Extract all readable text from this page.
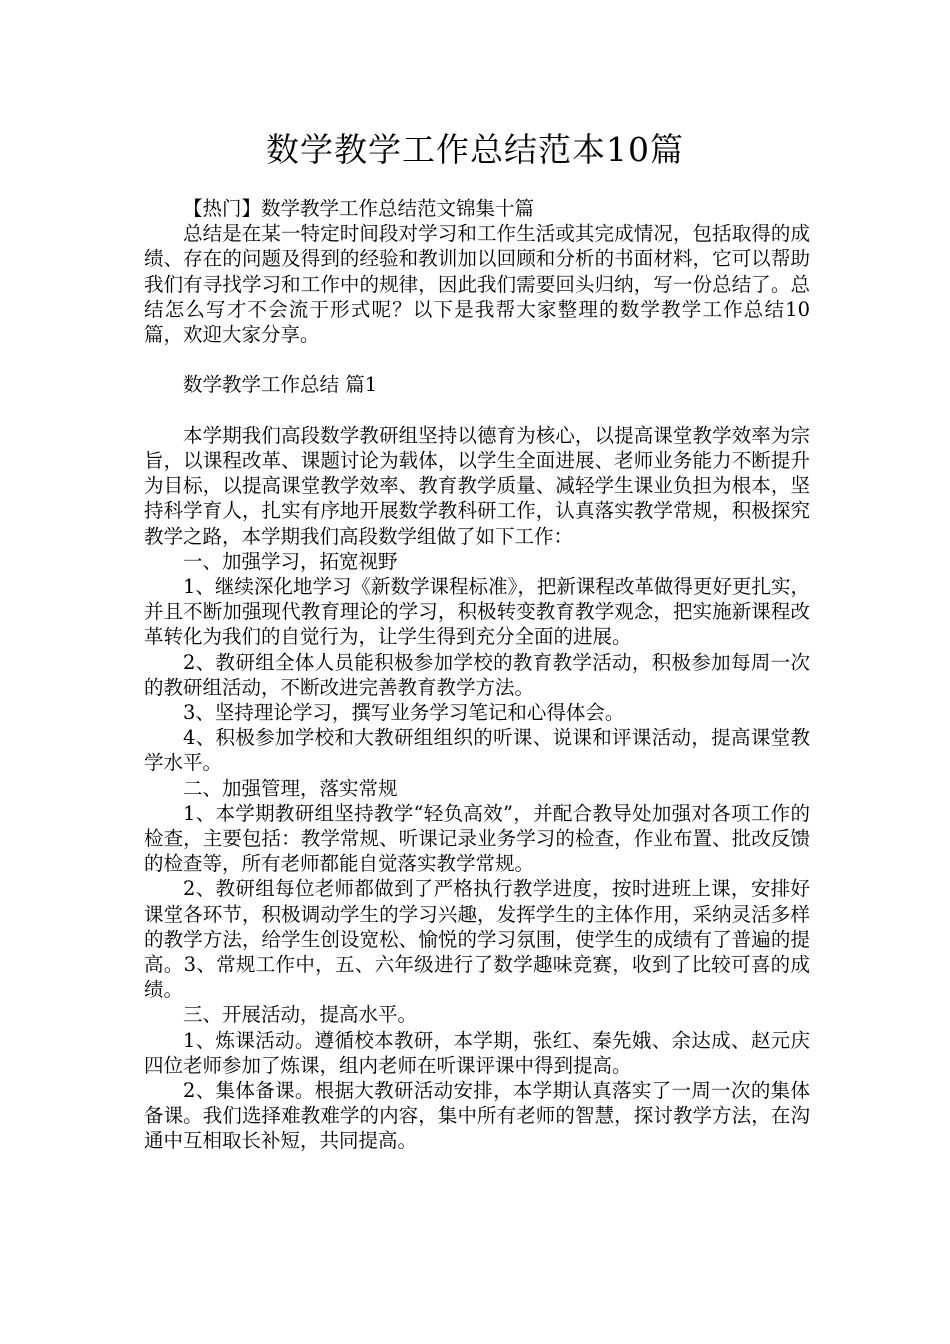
数学教学工作总结范本10篇

【热门】数学教学工作总结范文锦集十篇

总结是在某一特定时间段对学习和工作生活或其完成情况，包括取得的成绩、存在的问题及得到的经验和教训加以回顾和分析的书面材料，它可以帮助我们有寻找学习和工作中的规律，因此我们需要回头归纳，写一份总结了。总结怎么写才不会流于形式呢？以下是我帮大家整理的数学教学工作总结10篇，欢迎大家分享。

数学教学工作总结 篇1

本学期我们高段数学教研组坚持以德育为核心，以提高课堂教学效率为宗旨，以课程改革、课题讨论为载体，以学生全面进展、老师业务能力不断提升为目标，以提高课堂教学效率、教育教学质量、减轻学生课业负担为根本，坚持科学育人，扎实有序地开展数学教科研工作，认真落实教学常规，积极探究教学之路，本学期我们高段数学组做了如下工作：

一、加强学习，拓宽视野

1、继续深化地学习《新数学课程标准》，把新课程改革做得更好更扎实，并且不断加强现代教育理论的学习，积极转变教育教学观念，把实施新课程改革转化为我们的自觉行为，让学生得到充分全面的进展。

2、教研组全体人员能积极参加学校的教育教学活动，积极参加每周一次的教研组活动，不断改进完善教育教学方法。

3、坚持理论学习，撰写业务学习笔记和心得体会。

4、积极参加学校和大教研组组织的听课、说课和评课活动，提高课堂教学水平。

二、加强管理，落实常规

1、本学期教研组坚持教学“轻负高效”，并配合教导处加强对各项工作的检查，主要包括：教学常规、听课记录业务学习的检查，作业布置、批改反馈的检查等，所有老师都能自觉落实教学常规。

2、教研组每位老师都做到了严格执行教学进度，按时进班上课，安排好课堂各环节，积极调动学生的学习兴趣，发挥学生的主体作用，采纳灵活多样的教学方法，给学生创设宽松、愉悦的学习氛围，使学生的成绩有了普遍的提高。3、常规工作中，五、六年级进行了数学趣味竞赛，收到了比较可喜的成绩。

三、开展活动，提高水平。

1、炼课活动。遵循校本教研，本学期，张红、秦先娥、余达成、赵元庆四位老师参加了炼课，组内老师在听课评课中得到提高。

2、集体备课。根据大教研活动安排，本学期认真落实了一周一次的集体备课。我们选择难教难学的内容，集中所有老师的智慧，探讨教学方法，在沟通中互相取长补短，共同提高。
